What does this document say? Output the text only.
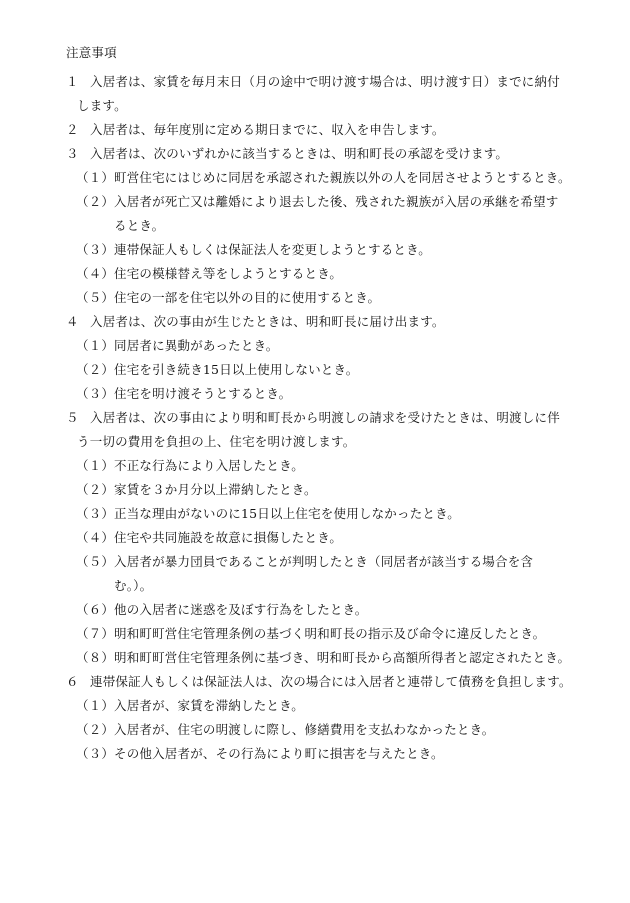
注意事項
１ 入居者は、家賃を毎月末日（月の途中で明け渡す場合は、明け渡す日）までに納付
します。
２ 入居者は、毎年度別に定める期日までに、収入を申告します。
３ 入居者は、次のいずれかに該当するときは、明和町長の承認を受けます。
（１） 町営住宅にはじめに同居を承認された親族以外の人を同居させようとするとき。
（２） 入居者が死亡又は離婚により退去した後、残された親族が入居の承継を希望す
るとき。
（３） 連帯保証人もしくは保証法人を変更しようとするとき。
（４） 住宅の模様替え等をしようとするとき。
（５） 住宅の一部を住宅以外の目的に使用するとき。
４ 入居者は、次の事由が生じたときは、明和町長に届け出ます。
（１） 同居者に異動があったとき。
（２） 住宅を引き続き15日以上使用しないとき。
（３） 住宅を明け渡そうとするとき。
５ 入居者は、次の事由により明和町長から明渡しの請求を受けたときは、明渡しに伴
う一切の費用を負担の上、住宅を明け渡します。
（１） 不正な行為により入居したとき。
（２） 家賃を３か月分以上滞納したとき。
（３） 正当な理由がないのに15日以上住宅を使用しなかったとき。
（４） 住宅や共同施設を故意に損傷したとき。
（５） 入居者が暴力団員であることが判明したとき（同居者が該当する場合を含
む。）。
（６） 他の入居者に迷惑を及ぼす行為をしたとき。
（７） 明和町町営住宅管理条例の基づく明和町長の指示及び命令に違反したとき。
（８） 明和町町営住宅管理条例に基づき、明和町長から高額所得者と認定されたとき。
６ 連帯保証人もしくは保証法人は、次の場合には入居者と連帯して債務を負担します。
（１） 入居者が、家賃を滞納したとき。
（２） 入居者が、住宅の明渡しに際し、修繕費用を支払わなかったとき。
（３） その他入居者が、その行為により町に損害を与えたとき。
